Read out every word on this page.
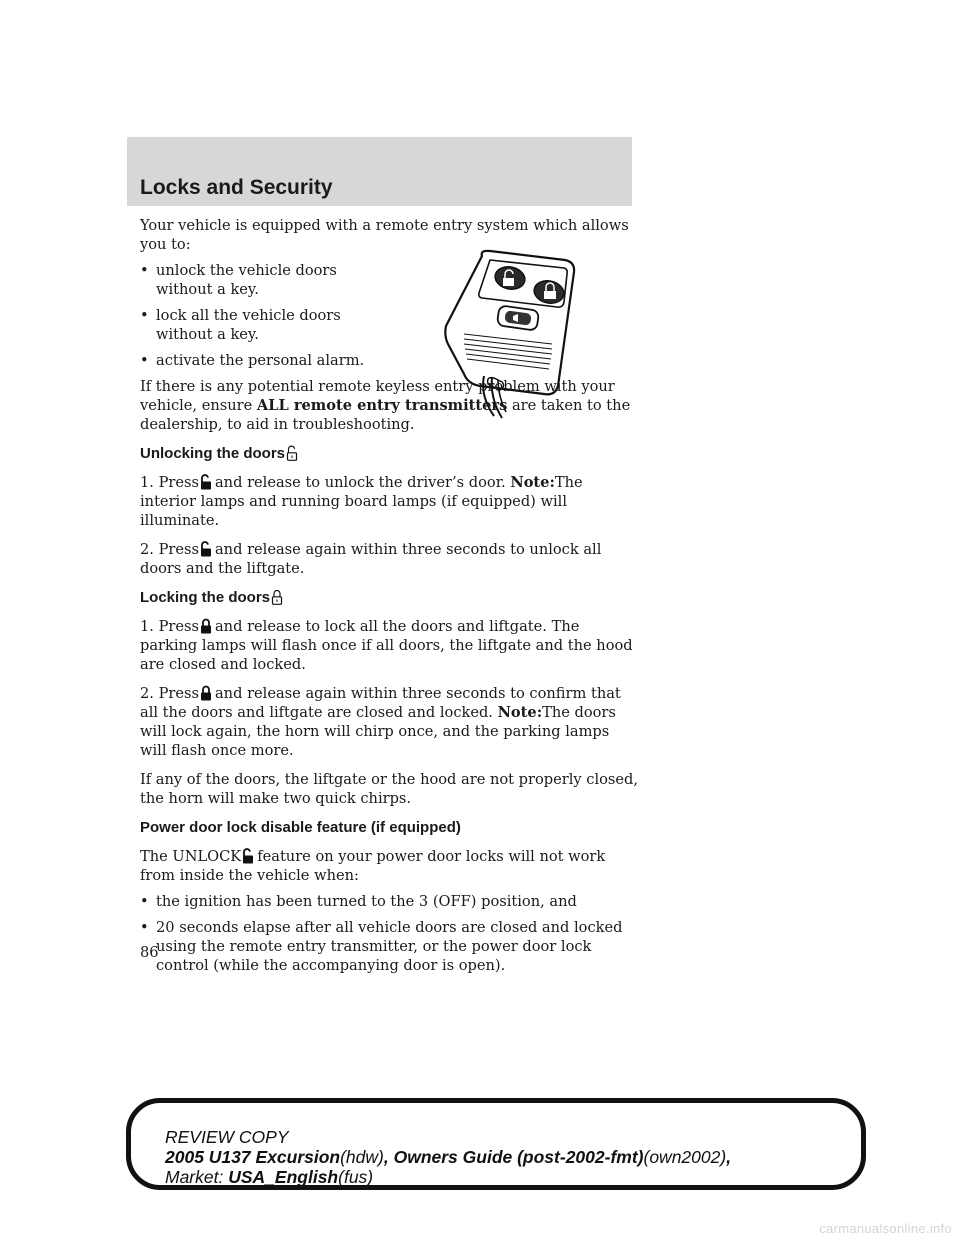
Locks and Security

Your vehicle is equipped with a remote entry system which allows you to:

• unlock the vehicle doors without a key.
• lock all the vehicle doors without a key.
• activate the personal alarm.

If there is any potential remote keyless entry problem with your vehicle, ensure ALL remote entry transmitters are taken to the dealership, to aid in troubleshooting.

Unlocking the doors

1. Press and release to unlock the driver’s door. Note:The interior lamps and running board lamps (if equipped) will illuminate.

2. Press and release again within three seconds to unlock all doors and the liftgate.

Locking the doors

1. Press and release to lock all the doors and liftgate. The parking lamps will flash once if all doors, the liftgate and the hood are closed and locked.

2. Press and release again within three seconds to confirm that all the doors and liftgate are closed and locked. Note:The doors will lock again, the horn will chirp once, and the parking lamps will flash once more.

If any of the doors, the liftgate or the hood are not properly closed, the horn will make two quick chirps.

Power door lock disable feature (if equipped)

The UNLOCK feature on your power door locks will not work from inside the vehicle when:

• the ignition has been turned to the 3 (OFF) position, and
• 20 seconds elapse after all vehicle doors are closed and locked using the remote entry transmitter, or the power door lock control (while the accompanying door is open).
86
REVIEW COPY
2005 U137 Excursion(hdw), Owners Guide (post-2002-fmt)(own2002),
Market: USA_English(fus)
carmanualsonline.info
